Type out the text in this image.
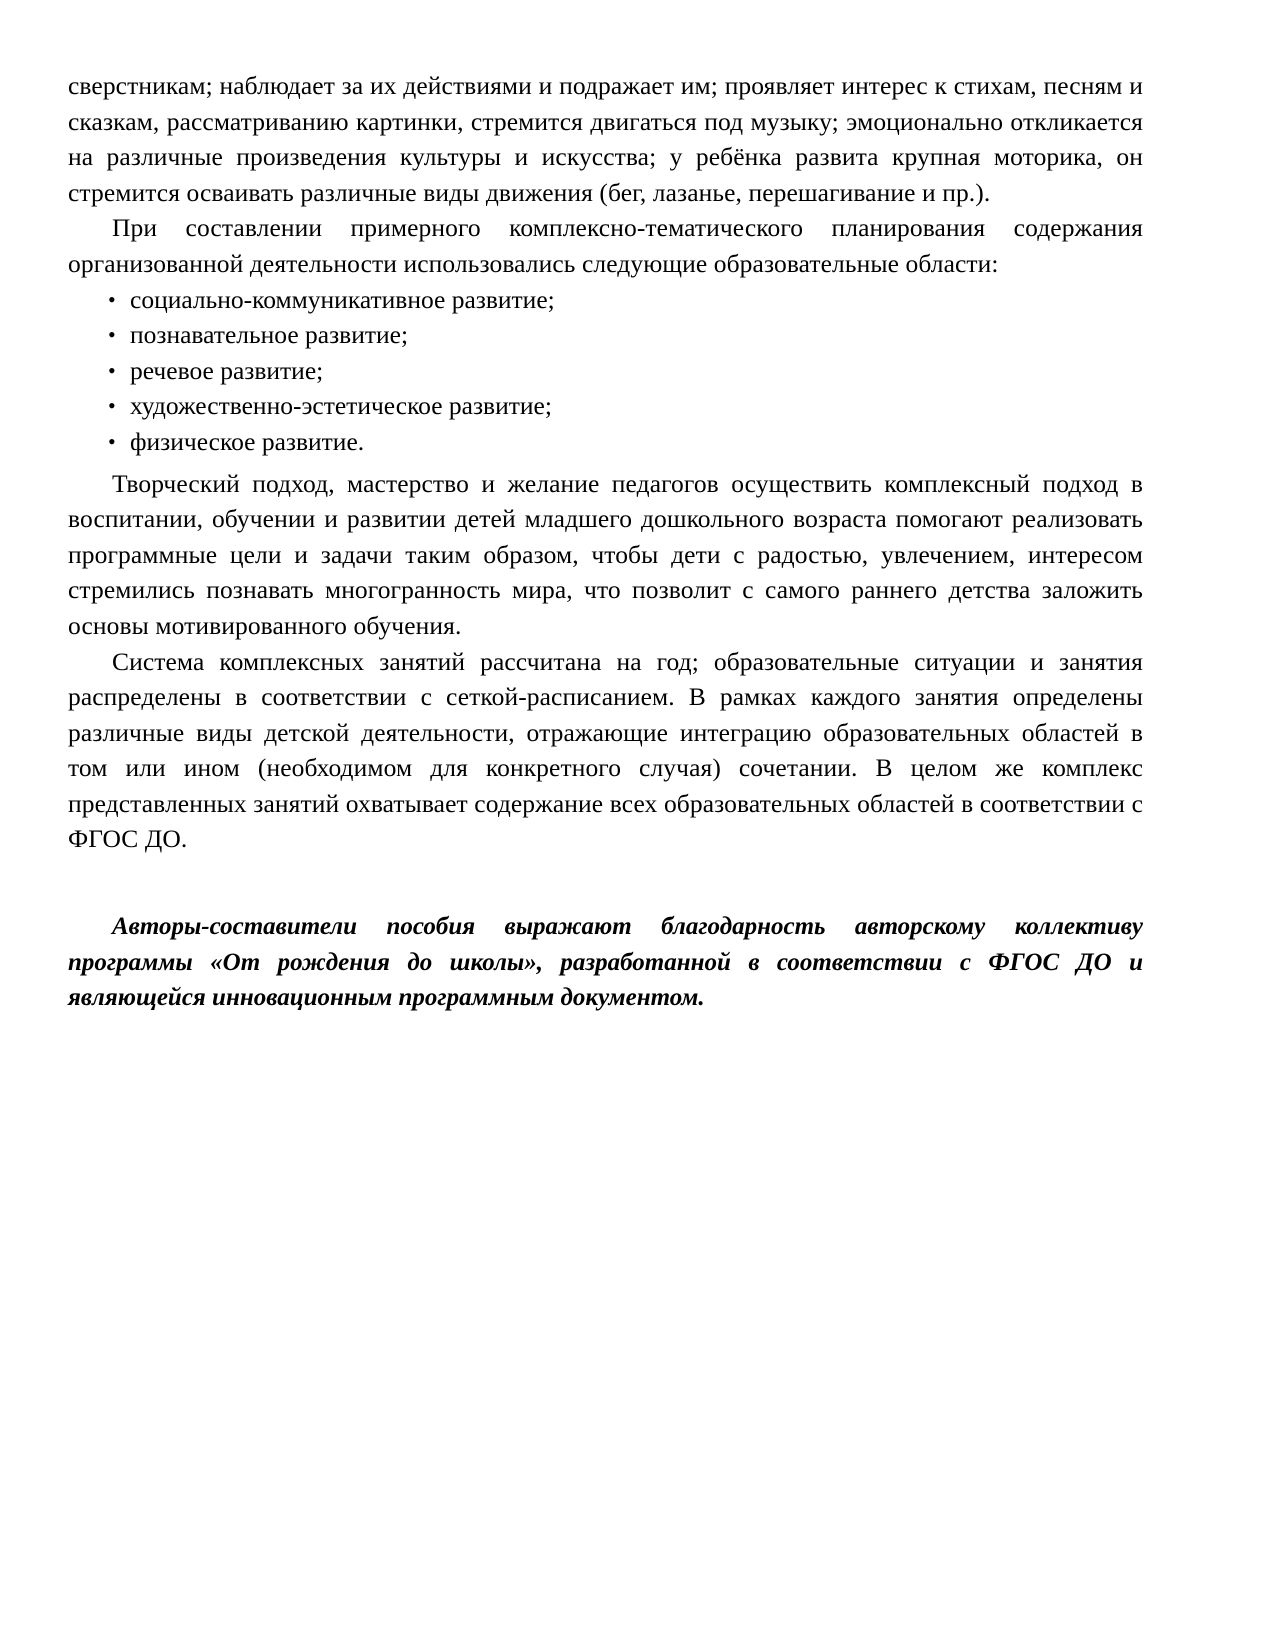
сверстникам; наблюдает за их действиями и подражает им; проявляет интерес к стихам, песням и сказкам, рассматриванию картинки, стремится двигаться под музыку; эмоционально откликается на различные произведения культуры и искусства; у ребёнка развита крупная моторика, он стремится осваивать различные виды движения (бег, лазанье, перешагивание и пр.).

При составлении примерного комплексно-тематического планирования содержания организованной деятельности использовались следующие образовательные области:

• социально-коммуникативное развитие;
• познавательное развитие;
• речевое развитие;
• художественно-эстетическое развитие;
• физическое развитие.

Творческий подход, мастерство и желание педагогов осуществить комплексный подход в воспитании, обучении и развитии детей младшего дошкольного возраста помогают реализовать программные цели и задачи таким образом, чтобы дети с радостью, увлечением, интересом стремились познавать многогранность мира, что позволит с самого раннего детства заложить основы мотивированного обучения.

Система комплексных занятий рассчитана на год; образовательные ситуации и занятия распределены в соответствии с сеткой-расписанием. В рамках каждого занятия определены различные виды детской деятельности, отражающие интеграцию образовательных областей в том или ином (необходимом для конкретного случая) сочетании. В целом же комплекс представленных занятий охватывает содержание всех образовательных областей в соответствии с ФГОС ДО.

Авторы-составители пособия выражают благодарность авторскому коллективу программы «От рождения до школы», разработанной в соответствии с ФГОС ДО и являющейся инновационным программным документом.
